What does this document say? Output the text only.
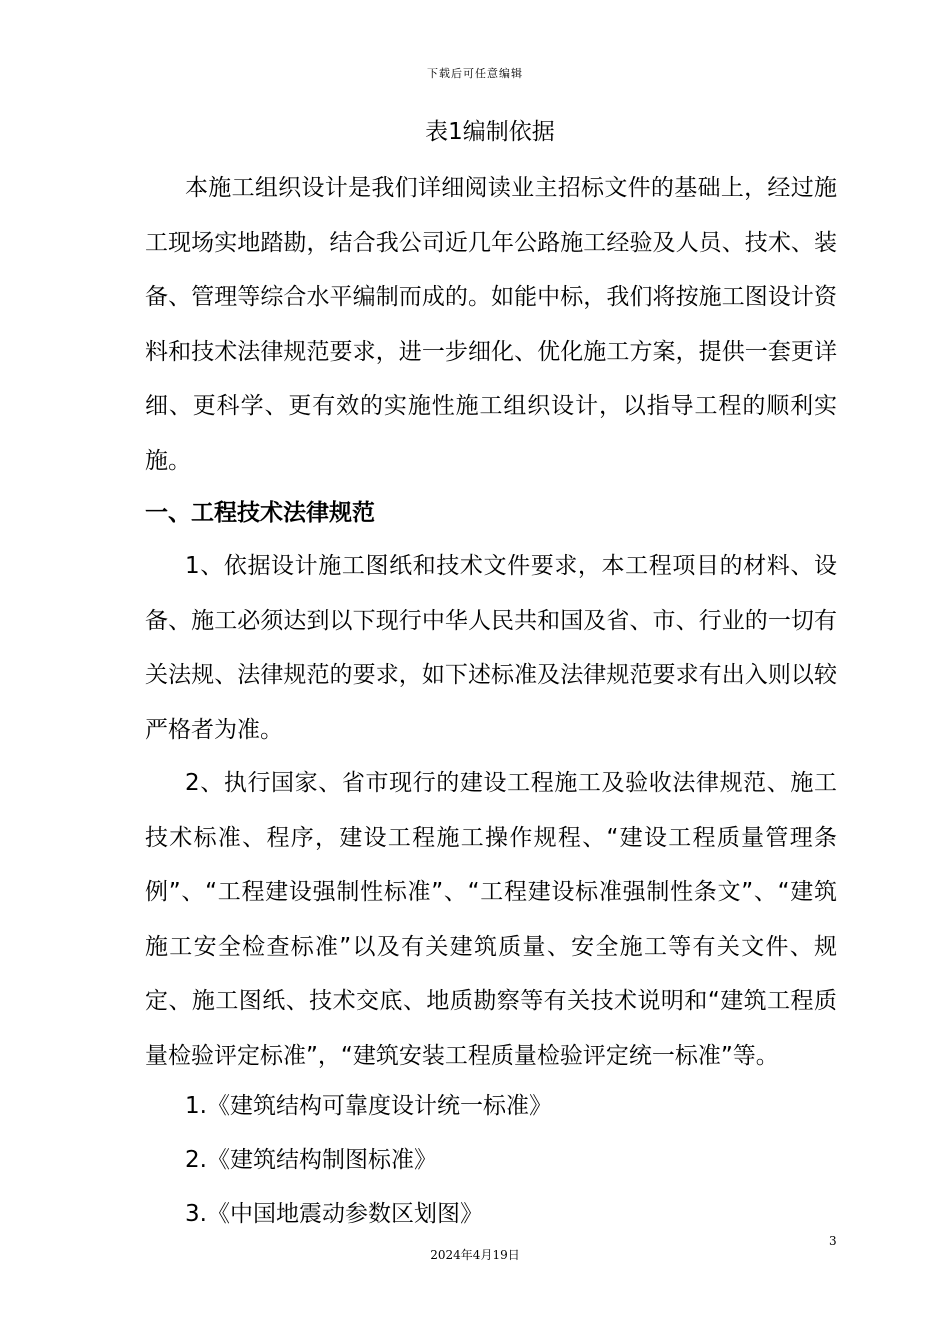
下载后可任意编辑
表1编制依据
本施工组织设计是我们详细阅读业主招标文件的基础上，经过施工现场实地踏勘，结合我公司近几年公路施工经验及人员、技术、装备、管理等综合水平编制而成的。如能中标，我们将按施工图设计资料和技术法律规范要求，进一步细化、优化施工方案，提供一套更详细、更科学、更有效的实施性施工组织设计，以指导工程的顺利实施。
一、工程技术法律规范
1、依据设计施工图纸和技术文件要求，本工程项目的材料、设备、施工必须达到以下现行中华人民共和国及省、市、行业的一切有关法规、法律规范的要求，如下述标准及法律规范要求有出入则以较严格者为准。
2、执行国家、省市现行的建设工程施工及验收法律规范、施工技术标准、程序，建设工程施工操作规程、“建设工程质量管理条例”、“工程建设强制性标准”、“工程建设标准强制性条文”、“建筑施工安全检查标准”以及有关建筑质量、安全施工等有关文件、规定、施工图纸、技术交底、地质勘察等有关技术说明和“建筑工程质量检验评定标准”，“建筑安装工程质量检验评定统一标准”等。
1.《建筑结构可靠度设计统一标准》
2.《建筑结构制图标准》
3.《中国地震动参数区划图》
3
2024年4月19日
